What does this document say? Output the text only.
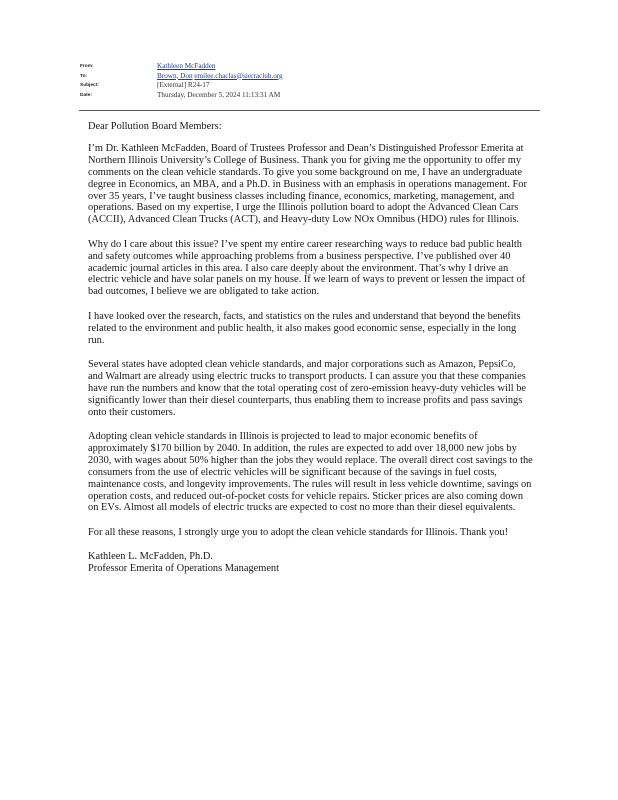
From:	Kathleen McFadden
To:	Brown, Don emilee.chaclas@sierraclub.org
Subject:	[External] R24-17
Date:	Thursday, December 5, 2024 11:13:31 AM

Dear Pollution Board Members:

I’m Dr. Kathleen McFadden, Board of Trustees Professor and Dean’s Distinguished Professor Emerita at Northern Illinois University’s College of Business. Thank you for giving me the opportunity to offer my comments on the clean vehicle standards. To give you some background on me, I have an undergraduate degree in Economics, an MBA, and a Ph.D. in Business with an emphasis in operations management. For over 35 years, I’ve taught business classes including finance, economics, marketing, management, and operations. Based on my expertise, I urge the Illinois pollution board to adopt the Advanced Clean Cars (ACCII), Advanced Clean Trucks (ACT), and Heavy-duty Low NOx Omnibus (HDO) rules for Illinois.

Why do I care about this issue? I’ve spent my entire career researching ways to reduce bad public health and safety outcomes while approaching problems from a business perspective. I’ve published over 40 academic journal articles in this area. I also care deeply about the environment. That’s why I drive an electric vehicle and have solar panels on my house. If we learn of ways to prevent or lessen the impact of bad outcomes, I believe we are obligated to take action.

I have looked over the research, facts, and statistics on the rules and understand that beyond the benefits related to the environment and public health, it also makes good economic sense, especially in the long run.

Several states have adopted clean vehicle standards, and major corporations such as Amazon, PepsiCo, and Walmart are already using electric trucks to transport products. I can assure you that these companies have run the numbers and know that the total operating cost of zero-emission heavy-duty vehicles will be significantly lower than their diesel counterparts, thus enabling them to increase profits and pass savings onto their customers.

Adopting clean vehicle standards in Illinois is projected to lead to major economic benefits of approximately $170 billion by 2040. In addition, the rules are expected to add over 18,000 new jobs by 2030, with wages about 50% higher than the jobs they would replace. The overall direct cost savings to the consumers from the use of electric vehicles will be significant because of the savings in fuel costs, maintenance costs, and longevity improvements. The rules will result in less vehicle downtime, savings on operation costs, and reduced out-of-pocket costs for vehicle repairs. Sticker prices are also coming down on EVs. Almost all models of electric trucks are expected to cost no more than their diesel equivalents.

For all these reasons, I strongly urge you to adopt the clean vehicle standards for Illinois. Thank you!

Kathleen L. McFadden, Ph.D.

Professor Emerita of Operations Management
